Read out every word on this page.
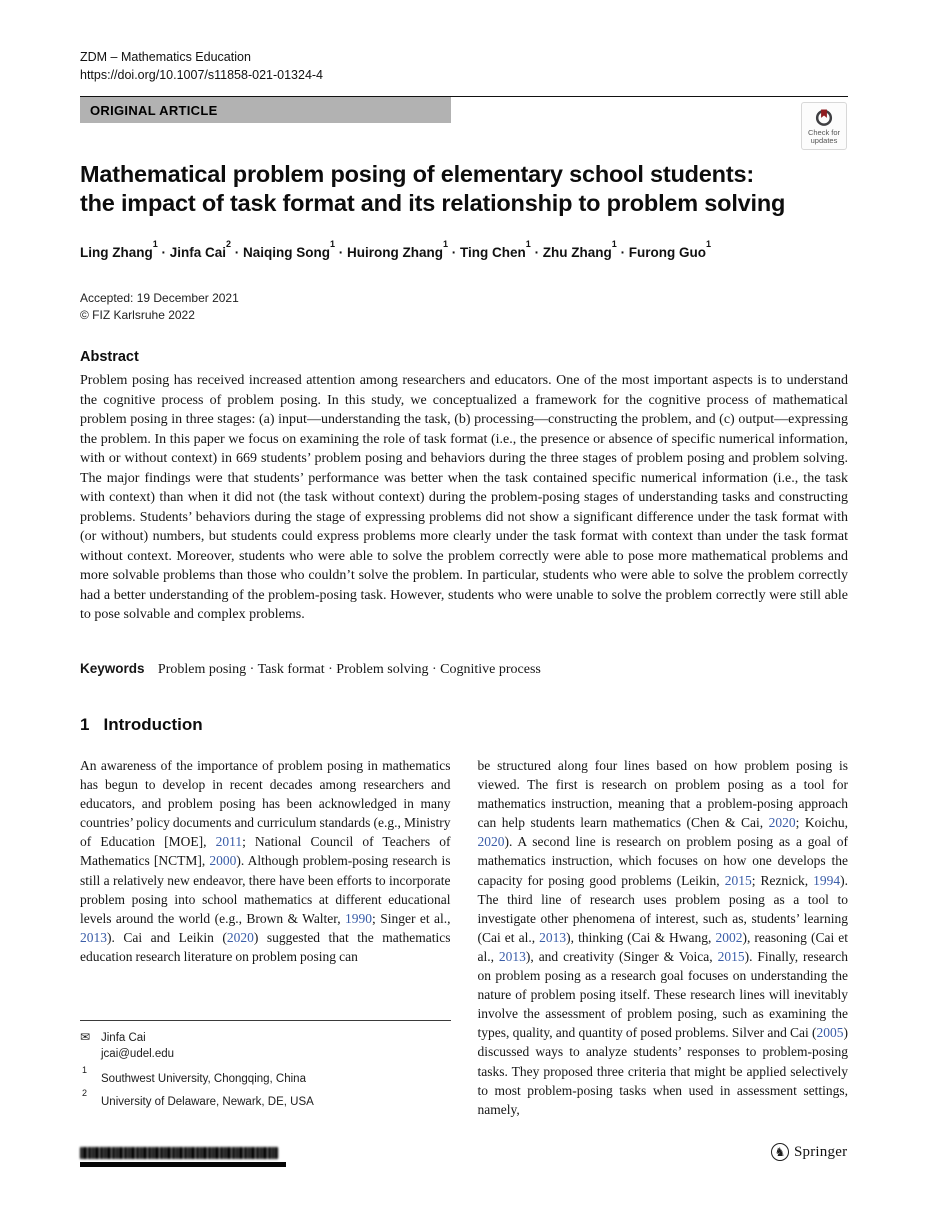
ZDM – Mathematics Education
https://doi.org/10.1007/s11858-021-01324-4
ORIGINAL ARTICLE
Check for
updates
Mathematical problem posing of elementary school students:
the impact of task format and its relationship to problem solving
Ling Zhang$^1$ · Jinfa Cai$^2$ · Naiqing Song$^1$ · Huirong Zhang$^1$ · Ting Chen$^1$ · Zhu Zhang$^1$ · Furong Guo$^1$
Accepted: 19 December 2021
© FIZ Karlsruhe 2022
Abstract

Problem posing has received increased attention among researchers and educators. One of the most important aspects is to understand the cognitive process of problem posing. In this study, we conceptualized a framework for the cognitive process of mathematical problem posing in three stages: (a) input—understanding the task, (b) processing—constructing the problem, and (c) output—expressing the problem. In this paper we focus on examining the role of task format (i.e., the presence or absence of specific numerical information, with or without context) in 669 students’ problem posing and behaviors during the three stages of problem posing and problem solving. The major findings were that students’ performance was better when the task contained specific numerical information (i.e., the task with context) than when it did not (the task without context) during the problem-posing stages of understanding tasks and constructing problems. Students’ behaviors during the stage of expressing problems did not show a significant difference under the task format with (or without) numbers, but students could express problems more clearly under the task format with context than under the task format without context. Moreover, students who were able to solve the problem correctly were able to pose more mathematical problems and more solvable problems than those who couldn’t solve the problem. In particular, students who were able to solve the problem correctly had a better understanding of the problem-posing task. However, students who were unable to solve the problem correctly were still able to pose solvable and complex problems.

Keywords Problem posing · Task format · Problem solving · Cognitive process
1 Introduction

An awareness of the importance of problem posing in mathematics has begun to develop in recent decades among researchers and educators, and problem posing has been acknowledged in many countries’ policy documents and curriculum standards (e.g., Ministry of Education [MOE], 2011; National Council of Teachers of Mathematics [NCTM], 2000). Although problem-posing research is still a relatively new endeavor, there have been efforts to incorporate problem posing into school mathematics at different educational levels around the world (e.g., Brown & Walter, 1990; Singer et al., 2013). Cai and Leikin (2020) suggested that the mathematics education research literature on problem posing can

be structured along four lines based on how problem posing is viewed. The first is research on problem posing as a tool for mathematics instruction, meaning that a problem-posing approach can help students learn mathematics (Chen & Cai, 2020; Koichu, 2020). A second line is research on problem posing as a goal of mathematics instruction, which focuses on how one develops the capacity for posing good problems (Leikin, 2015; Reznick, 1994). The third line of research uses problem posing as a tool to investigate other phenomena of interest, such as, students’ learning (Cai et al., 2013), thinking (Cai & Hwang, 2002), reasoning (Cai et al., 2013), and creativity (Singer & Voica, 2015). Finally, research on problem posing as a research goal focuses on understanding the nature of problem posing itself. These research lines will inevitably involve the assessment of problem posing, such as examining the types, quality, and quantity of posed problems. Silver and Cai (2005) discussed ways to analyze students’ responses to problem-posing tasks. They proposed three criteria that might be applied selectively to most problem-posing tasks when used in assessment settings, namely,

✉ Jinfa Cai
jcai@udel.edu
$^1$
Southwest University, Chongqing, China
$^2$
University of Delaware, Newark, DE, USA
♞ Springer
